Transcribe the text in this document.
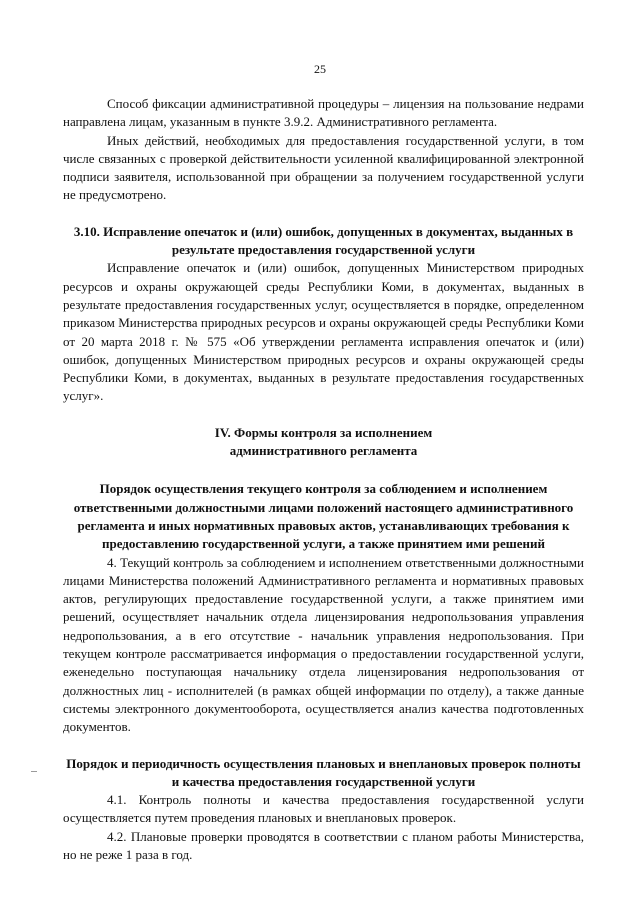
25

Способ фиксации административной процедуры – лицензия на пользование недрами направлена лицам, указанным в пункте 3.9.2. Административного регламента.

Иных действий, необходимых для предоставления государственной услуги, в том числе связанных с проверкой действительности усиленной квалифицированной электронной подписи заявителя, использованной при обращении за получением государственной услуги не предусмотрено.

3.10. Исправление опечаток и (или) ошибок, допущенных в документах, выданных в результате предоставления государственной услуги

Исправление опечаток и (или) ошибок, допущенных Министерством природных ресурсов и охраны окружающей среды Республики Коми, в документах, выданных в результате предоставления государственных услуг, осуществляется в порядке, определенном приказом Министерства природных ресурсов и охраны окружающей среды Республики Коми от 20 марта 2018 г. № 575 «Об утверждении регламента исправления опечаток и (или) ошибок, допущенных Министерством природных ресурсов и охраны окружающей среды Республики Коми, в документах, выданных в результате предоставления государственных услуг».

IV. Формы контроля за исполнением
административного регламента
Порядок осуществления текущего контроля за соблюдением и исполнением ответственными должностными лицами положений настоящего административного регламента и иных нормативных правовых актов, устанавливающих требования к предоставлению государственной услуги, а также принятием ими решений

4. Текущий контроль за соблюдением и исполнением ответственными должностными лицами Министерства положений Административного регламента и нормативных правовых актов, регулирующих предоставление государственной услуги, а также принятием ими решений, осуществляет начальник отдела лицензирования недропользования управления недропользования, а в его отсутствие - начальник управления недропользования. При текущем контроле рассматривается информация о предоставлении государственной услуги, еженедельно поступающая начальнику отдела лицензирования недропользования от должностных лиц - исполнителей (в рамках общей информации по отделу), а также данные системы электронного документооборота, осуществляется анализ качества подготовленных документов.

Порядок и периодичность осуществления плановых и внеплановых проверок полноты и качества предоставления государственной услуги

4.1. Контроль полноты и качества предоставления государственной услуги осуществляется путем проведения плановых и внеплановых проверок.

4.2. Плановые проверки проводятся в соответствии с планом работы Министерства, но не реже 1 раза в год.
